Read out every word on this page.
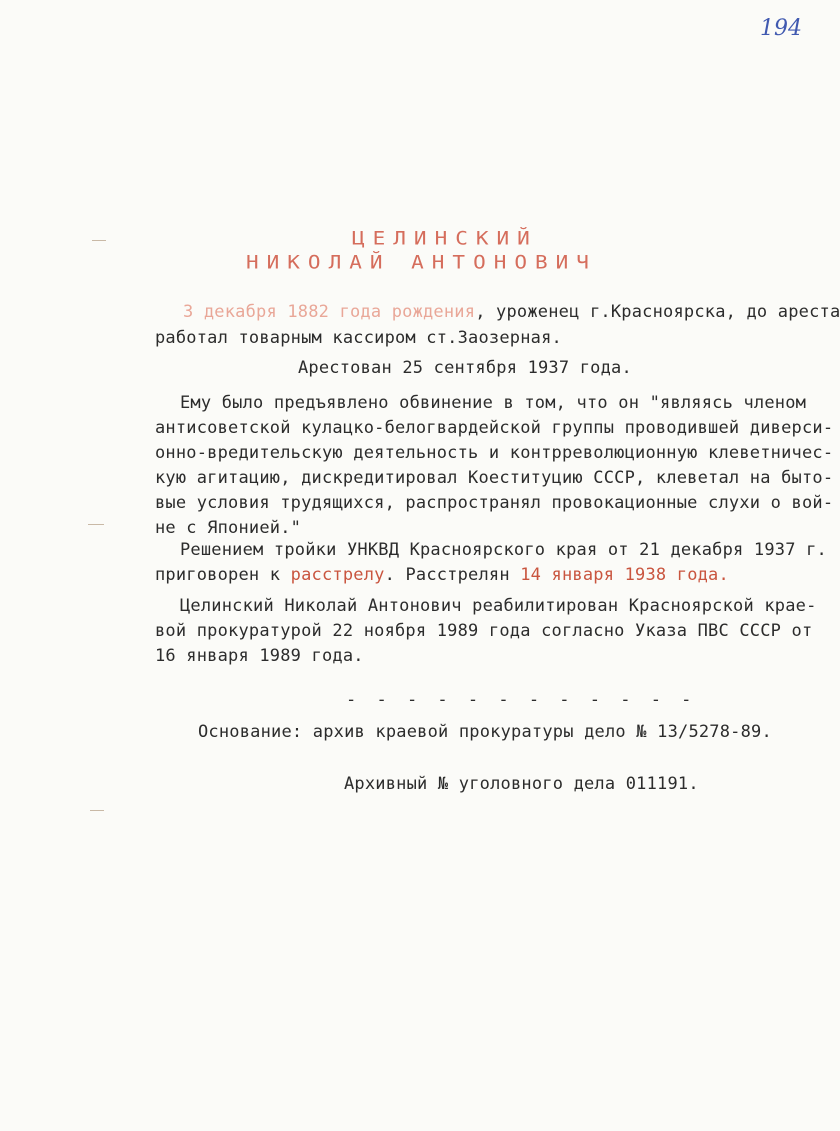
194
ЦЕЛИНСКИЙ
НИКОЛАЙ АНТОНОВИЧ
3 декабря 1882 года рождения, уроженец г.Красноярска, до ареста
работал товарным кассиром ст.Заозерная.
Арестован 25 сентября 1937 года.
Ему было предъявлено обвинение в том, что он "являясь членом
антисоветской кулацко-белогвардейской группы проводившей диверси-
онно-вредительскую деятельность и контрреволюционную клеветничес-
кую агитацию, дискредитировал Коеституцию СССР, клеветал на быто-
вые условия трудящихся, распространял провокационные слухи о вой-
не с Японией."
Решением тройки УНКВД Красноярского края от 21 декабря 1937 г.
приговорен к расстрелу. Расстрелян 14 января 1938 года.
Целинский Николай Антонович реабилитирован Красноярской крае-
вой прокуратурой 22 ноября 1989 года согласно Указа ПВС СССР от
16 января 1989 года.
- - - - - - - - - - - -
Основание: архив краевой прокуратуры дело № 13/5278-89.
Архивный № уголовного дела 011191.
